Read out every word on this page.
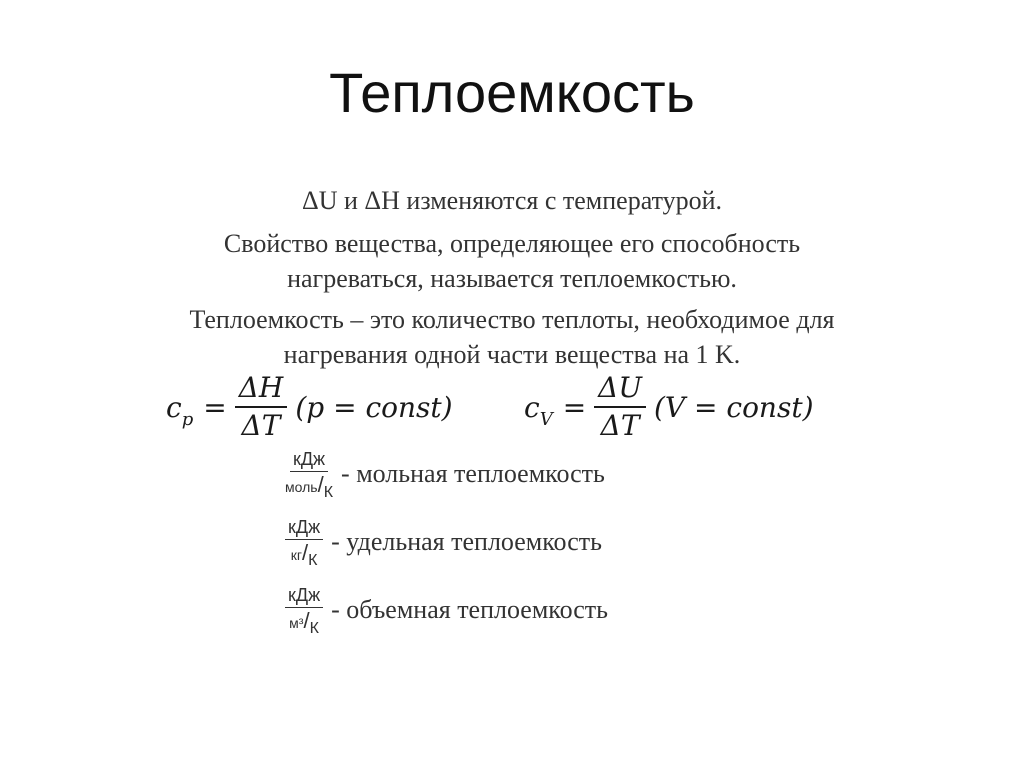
Теплоемкость
ΔU и ΔH изменяются с температурой.
Свойство вещества, определяющее его способность
нагреваться, называется теплоемкостью.
Теплоемкость – это количество теплоты, необходимое для
нагревания одной части вещества на 1 K.
$c_p = \frac{\Delta H}{\Delta T} (p$ = const)	$c_V = \frac{\Delta U}{\Delta T} (V$ = const)
кДж
моль/К
- мольная теплоемкость
кДж
кг/К
- удельная теплоемкость
кДж
м³/К
- объемная теплоемкость
